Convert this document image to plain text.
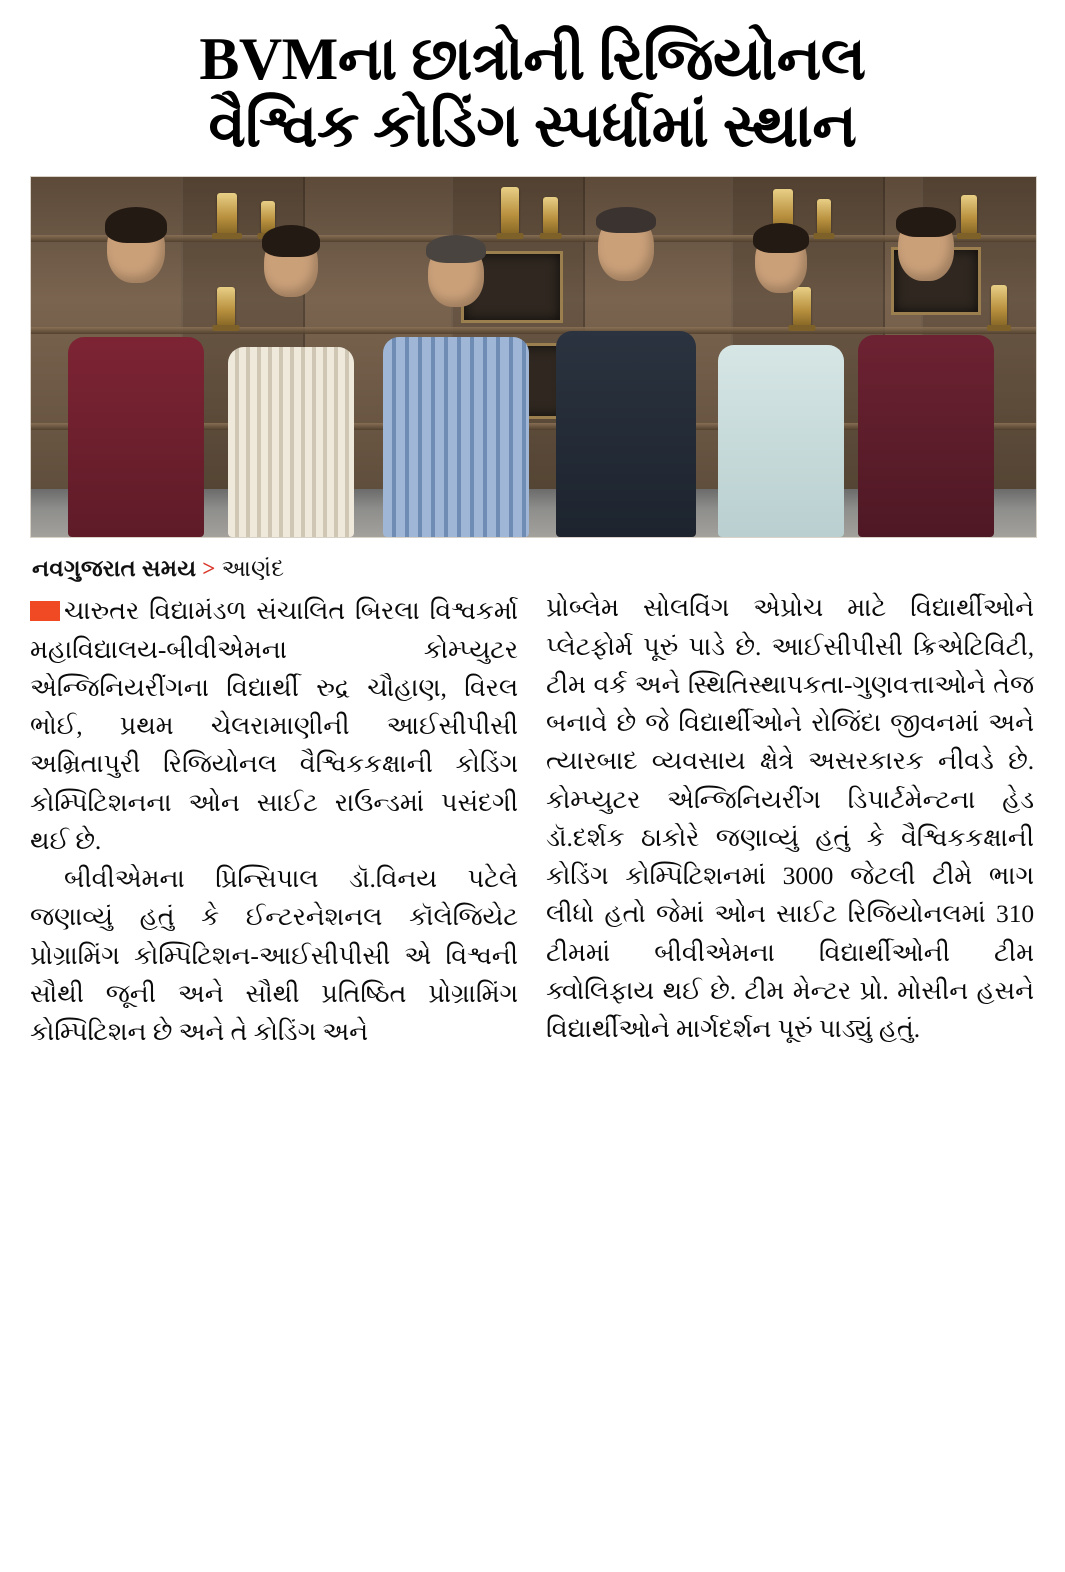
BVMના છાત્રોની રિજિયોનલ
વૈશ્વિક કોડિંગ સ્પર્ધામાં સ્થાન
નવગુજરાત સમય > આણંદ

ચારુતર વિદ્યામંડળ સંચાલિત બિરલા વિશ્વકર્મા મહાવિદ્યાલય-બીવીએમના કોમ્પ્યુટર એન્જિનિયરીંગના વિદ્યાર્થી રુદ્ર ચૌહાણ, વિરલ ભોઈ, પ્રથમ ચેલરામાણીની આઈસીપીસી અમ્રિતાપુરી રિજિયોનલ વૈશ્વિકકક્ષાની કોડિંગ કોમ્પિટિશનના ઓન સાઈટ રાઉન્ડમાં પસંદગી થઈ છે.

બીવીએમના પ્રિન્સિપાલ ડૉ.વિનય પટેલે જણાવ્યું હતું કે ઈન્ટરનેશનલ કૉલેજિયેટ પ્રોગ્રામિંગ કોમ્પિટિશન-આઈસીપીસી એ વિશ્વની સૌથી જૂની અને સૌથી પ્રતિષ્ઠિત પ્રોગ્રામિંગ કોમ્પિટિશન છે અને તે કોડિંગ અને

પ્રોબ્લેમ સોલવિંગ એપ્રોચ માટે વિદ્યાર્થીઓને પ્લેટફોર્મ પૂરું પાડે છે. આઈસીપીસી ક્રિએટિવિટી, ટીમ વર્ક અને સ્થિતિસ્થાપકતા-ગુણવત્તાઓને તેજ બનાવે છે જે વિદ્યાર્થીઓને રોજિંદા જીવનમાં અને ત્યારબાદ વ્યવસાય ક્ષેત્રે અસરકારક નીવડે છે. કોમ્પ્યુટર એન્જિનિયરીંગ ડિપાર્ટમેન્ટના હેડ ડૉ.દર્શક ઠાકોરે જણાવ્યું હતું કે વૈશ્વિકકક્ષાની કોડિંગ કોમ્પિટિશનમાં 3000 જેટલી ટીમે ભાગ લીધો હતો જેમાં ઓન સાઈટ રિજિયોનલમાં 310 ટીમમાં બીવીએમના વિદ્યાર્થીઓની ટીમ ક્વોલિફાય થઈ છે. ટીમ મેન્ટર પ્રો. મોસીન હસને વિદ્યાર્થીઓને માર્ગદર્શન પૂરું પાડ્યું હતું.
